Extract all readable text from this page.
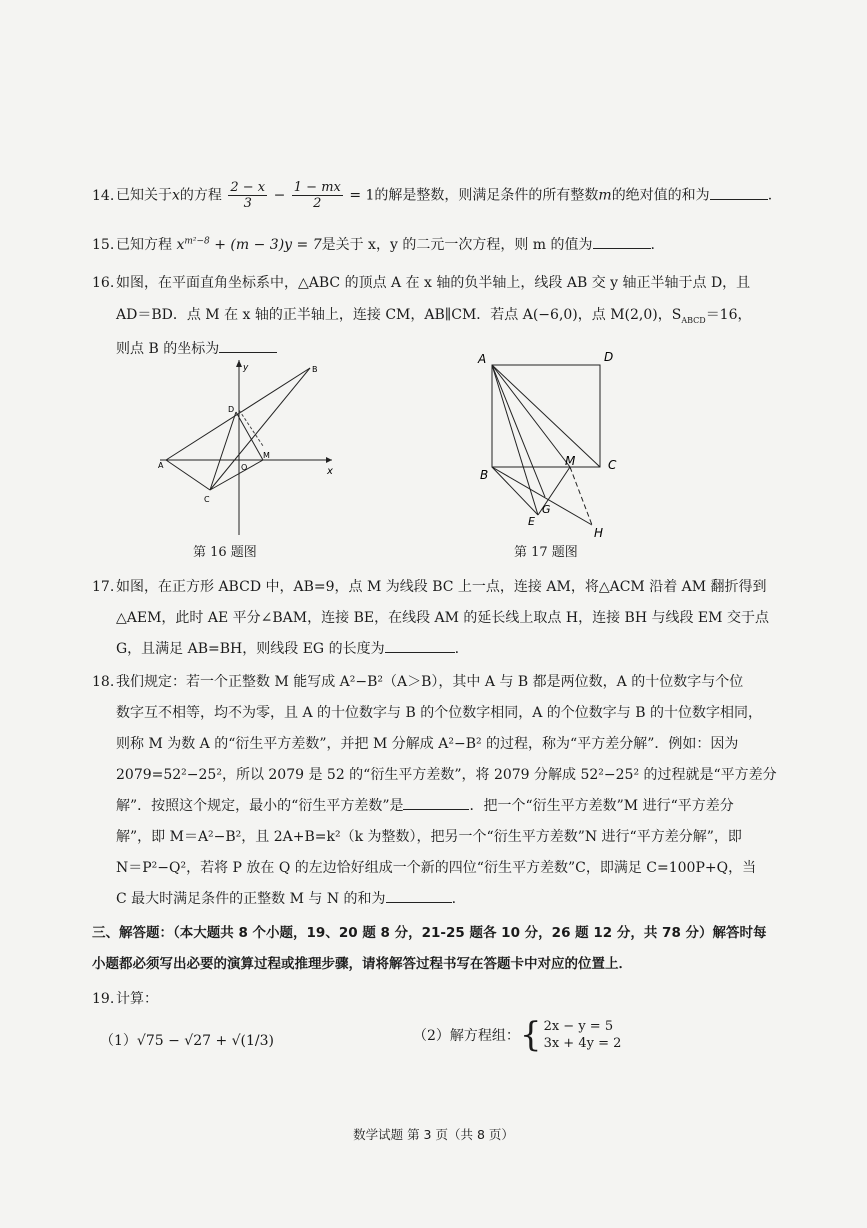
14. 已知关于x的方程 $\frac{2 - x}{3} - \frac{1 - mx}{2} = 1$的解是整数，则满足条件的所有整数m的绝对值的和为	.
15. 已知方程 $x^{m^2-8} + (m - 3)y = 7$是关于 x，y 的二元一次方程，则 m 的值为	.
16. 如图，在平面直角坐标系中，△ABC 的顶点 A 在 x 轴的负半轴上，线段 AB 交 y 轴正半轴于点 D，且
AD＝BD．点 M 在 x 轴的正半轴上，连接 CM，AB∥CM．若点 A(−6,0)，点 M(2,0)，$S_{ABCD}=16$，
则点 B 的坐标为
A
B
C
D
O
M
x
y
第 16 题图
A	D
B
C
M
G
E
H
第 17 题图
17. 如图，在正方形 ABCD 中，AB=9，点 M 为线段 BC 上一点，连接 AM，将△ACM 沿着 AM 翻折得到
△AEM，此时 AE 平分∠BAM，连接 BE，在线段 AM 的延长线上取点 H，连接 BH 与线段 EM 交于点
G，且满足 AB=BH，则线段 EG 的长度为	.
18. 我们规定：若一个正整数 M 能写成 A²−B²（A＞B），其中 A 与 B 都是两位数，A 的十位数字与个位
数字互不相等，均不为零，且 A 的十位数字与 B 的个位数字相同，A 的个位数字与 B 的十位数字相同，
则称 M 为数 A 的“衍生平方差数”，并把 M 分解成 A²−B² 的过程，称为“平方差分解”．例如：因为
2079=52²−25²，所以 2079 是 52 的“衍生平方差数”，将 2079 分解成 52²−25² 的过程就是“平方差分
解”．按照这个规定，最小的“衍生平方差数”是	．把一个“衍生平方差数”M 进行“平方差分
解”，即 M＝A²−B²，且 2A+B=k²（k 为整数），把另一个“衍生平方差数”N 进行“平方差分解”，即
N＝P²−Q²，若将 P 放在 Q 的左边恰好组成一个新的四位“衍生平方差数”C，即满足 C=100P+Q，当
C 最大时满足条件的正整数 M 与 N 的和为	.
三、解答题：（本大题共 8 个小题，19、20 题 8 分，21-25 题各 10 分，26 题 12 分，共 78 分）解答时每
小题都必须写出必要的演算过程或推理步骤，请将解答过程书写在答题卡中对应的位置上．
19. 计算：
（1）√75 − √27 + √(1/3)	（2）解方程组：{ 2x − y = 5
3x + 4y = 2
数学试题 第 3 页（共 8 页）
